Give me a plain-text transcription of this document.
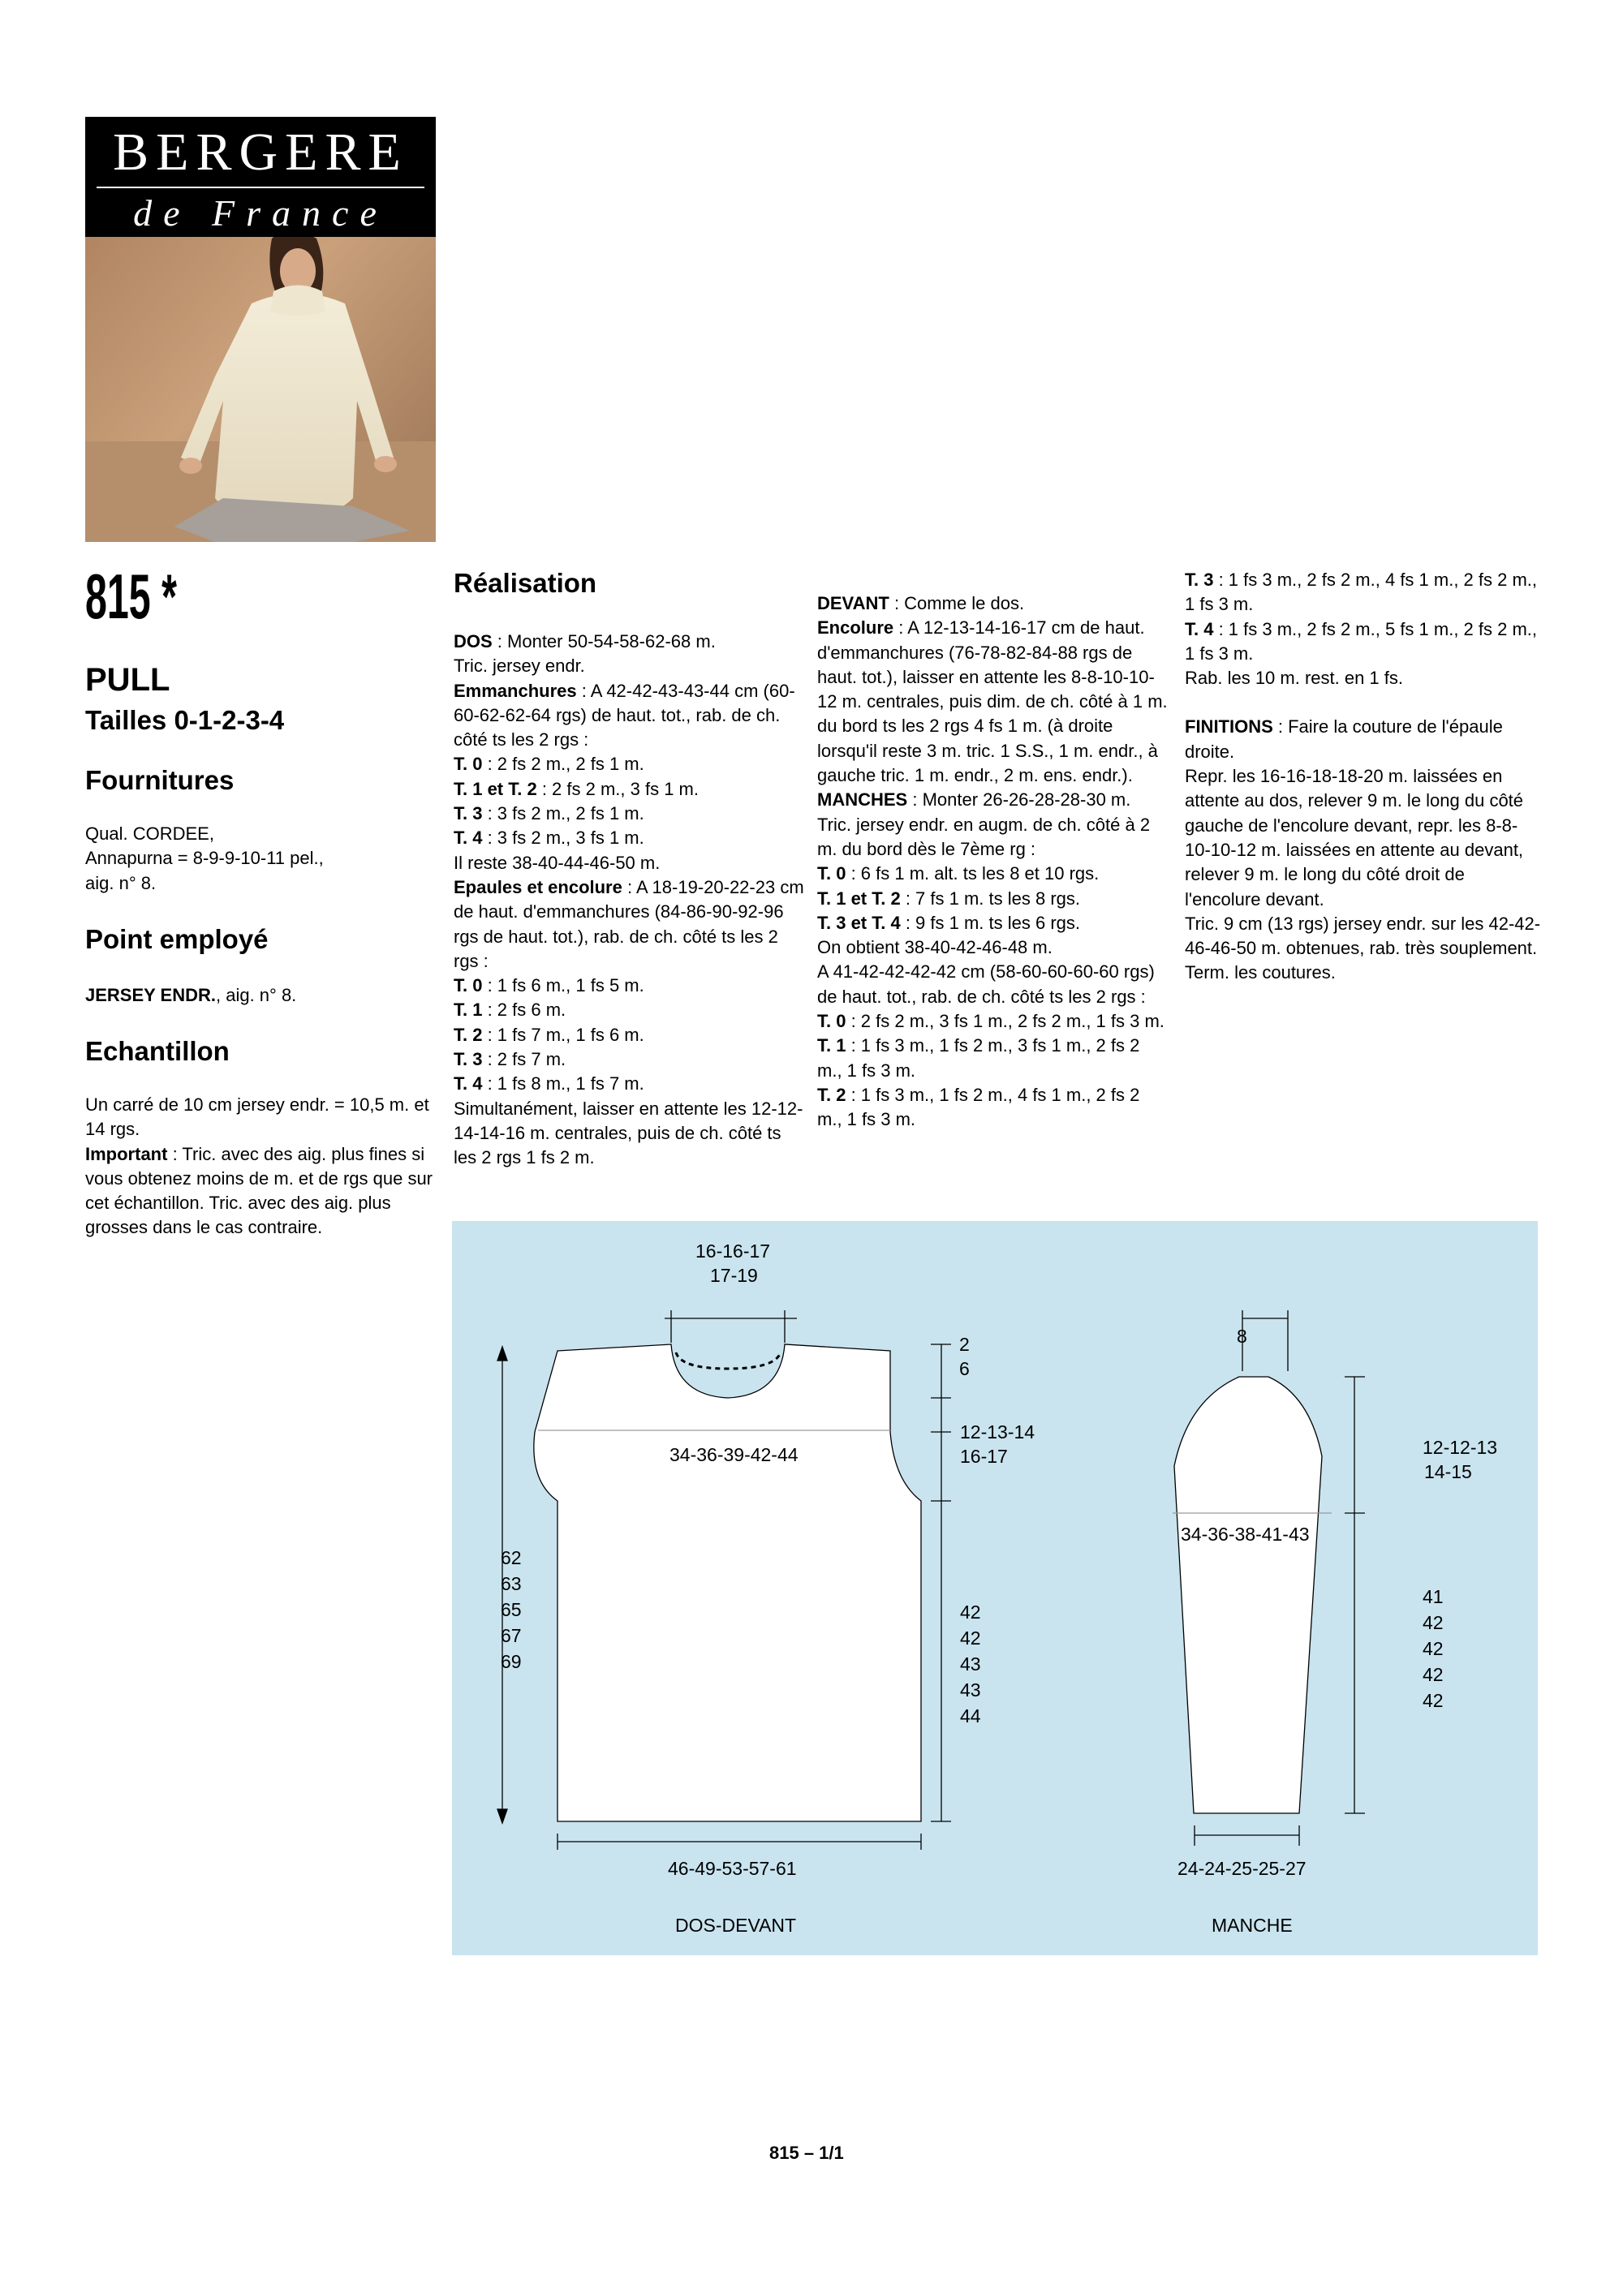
BERGERE
de France
815 *
PULL
Tailles 0-1-2-3-4
Fournitures
Qual. CORDEE,
Annapurna = 8-9-9-10-11 pel.,
aig. n° 8.
Point employé
JERSEY ENDR., aig. n° 8.
Echantillon
Un carré de 10 cm jersey endr. = 10,5 m. et 14 rgs.
Important : Tric. avec des aig. plus fines si vous obtenez moins de m. et de rgs que sur cet échantillon. Tric. avec des aig. plus grosses dans le cas contraire.
Réalisation
DOS : Monter 50-54-58-62-68 m.
Tric. jersey endr.
Emmanchures : A 42-42-43-43-44 cm (60-60-62-62-64 rgs) de haut. tot., rab. de ch. côté ts les 2 rgs :
T. 0 : 2 fs 2 m., 2 fs 1 m.
T. 1 et T. 2 : 2 fs 2 m., 3 fs 1 m.
T. 3 : 3 fs 2 m., 2 fs 1 m.
T. 4 : 3 fs 2 m., 3 fs 1 m.
Il reste 38-40-44-46-50 m.
Epaules et encolure : A 18-19-20-22-23 cm de haut. d'emmanchures (84-86-90-92-96 rgs de haut. tot.), rab. de ch. côté ts les 2 rgs :
T. 0 : 1 fs 6 m., 1 fs 5 m.
T. 1 : 2 fs 6 m.
T. 2 : 1 fs 7 m., 1 fs 6 m.
T. 3 : 2 fs 7 m.
T. 4 : 1 fs 8 m., 1 fs 7 m.
Simultanément, laisser en attente les 12-12-14-14-16 m. centrales, puis de ch. côté ts les 2 rgs 1 fs 2 m.
DEVANT : Comme le dos.
Encolure : A 12-13-14-16-17 cm de haut. d'emmanchures (76-78-82-84-88 rgs de haut. tot.), laisser en attente les 8-8-10-10-12 m. centrales, puis dim. de ch. côté à 1 m. du bord ts les 2 rgs 4 fs 1 m. (à droite lorsqu'il reste 3 m. tric. 1 S.S., 1 m. endr., à gauche tric. 1 m. endr., 2 m. ens. endr.).
MANCHES : Monter 26-26-28-28-30 m. Tric. jersey endr. en augm. de ch. côté à 2 m. du bord dès le 7ème rg :
T. 0 : 6 fs 1 m. alt. ts les 8 et 10 rgs.
T. 1 et T. 2 : 7 fs 1 m. ts les 8 rgs.
T. 3 et T. 4 : 9 fs 1 m. ts les 6 rgs.
On obtient 38-40-42-46-48 m.
A 41-42-42-42-42 cm (58-60-60-60-60 rgs) de haut. tot., rab. de ch. côté ts les 2 rgs :
T. 0 : 2 fs 2 m., 3 fs 1 m., 2 fs 2 m., 1 fs 3 m.
T. 1 : 1 fs 3 m., 1 fs 2 m., 3 fs 1 m., 2 fs 2 m., 1 fs 3 m.
T. 2 : 1 fs 3 m., 1 fs 2 m., 4 fs 1 m., 2 fs 2 m., 1 fs 3 m.
T. 3 : 1 fs 3 m., 2 fs 2 m., 4 fs 1 m., 2 fs 2 m., 1 fs 3 m.
T. 4 : 1 fs 3 m., 2 fs 2 m., 5 fs 1 m., 2 fs 2 m., 1 fs 3 m.
Rab. les 10 m. rest. en 1 fs.
FINITIONS : Faire la couture de l'épaule droite.
Repr. les 16-16-18-18-20 m. laissées en attente au dos, relever 9 m. le long du côté gauche de l'encolure devant, repr. les 8-8-10-10-12 m. laissées en attente au devant, relever 9 m. le long du côté droit de l'encolure devant.
Tric. 9 cm (13 rgs) jersey endr. sur les 42-42-46-46-50 m. obtenues, rab. très souplement. Term. les coutures.
16-16-17
17-19
2
6
34-36-39-42-44
12-13-14
16-17
62
63
65
67
69
42
42
43
43
44
46-49-53-57-61
DOS-DEVANT
8
12-12-13
14-15
34-36-38-41-43
41
42
42
42
42
24-24-25-25-27
MANCHE
815 – 1/1
